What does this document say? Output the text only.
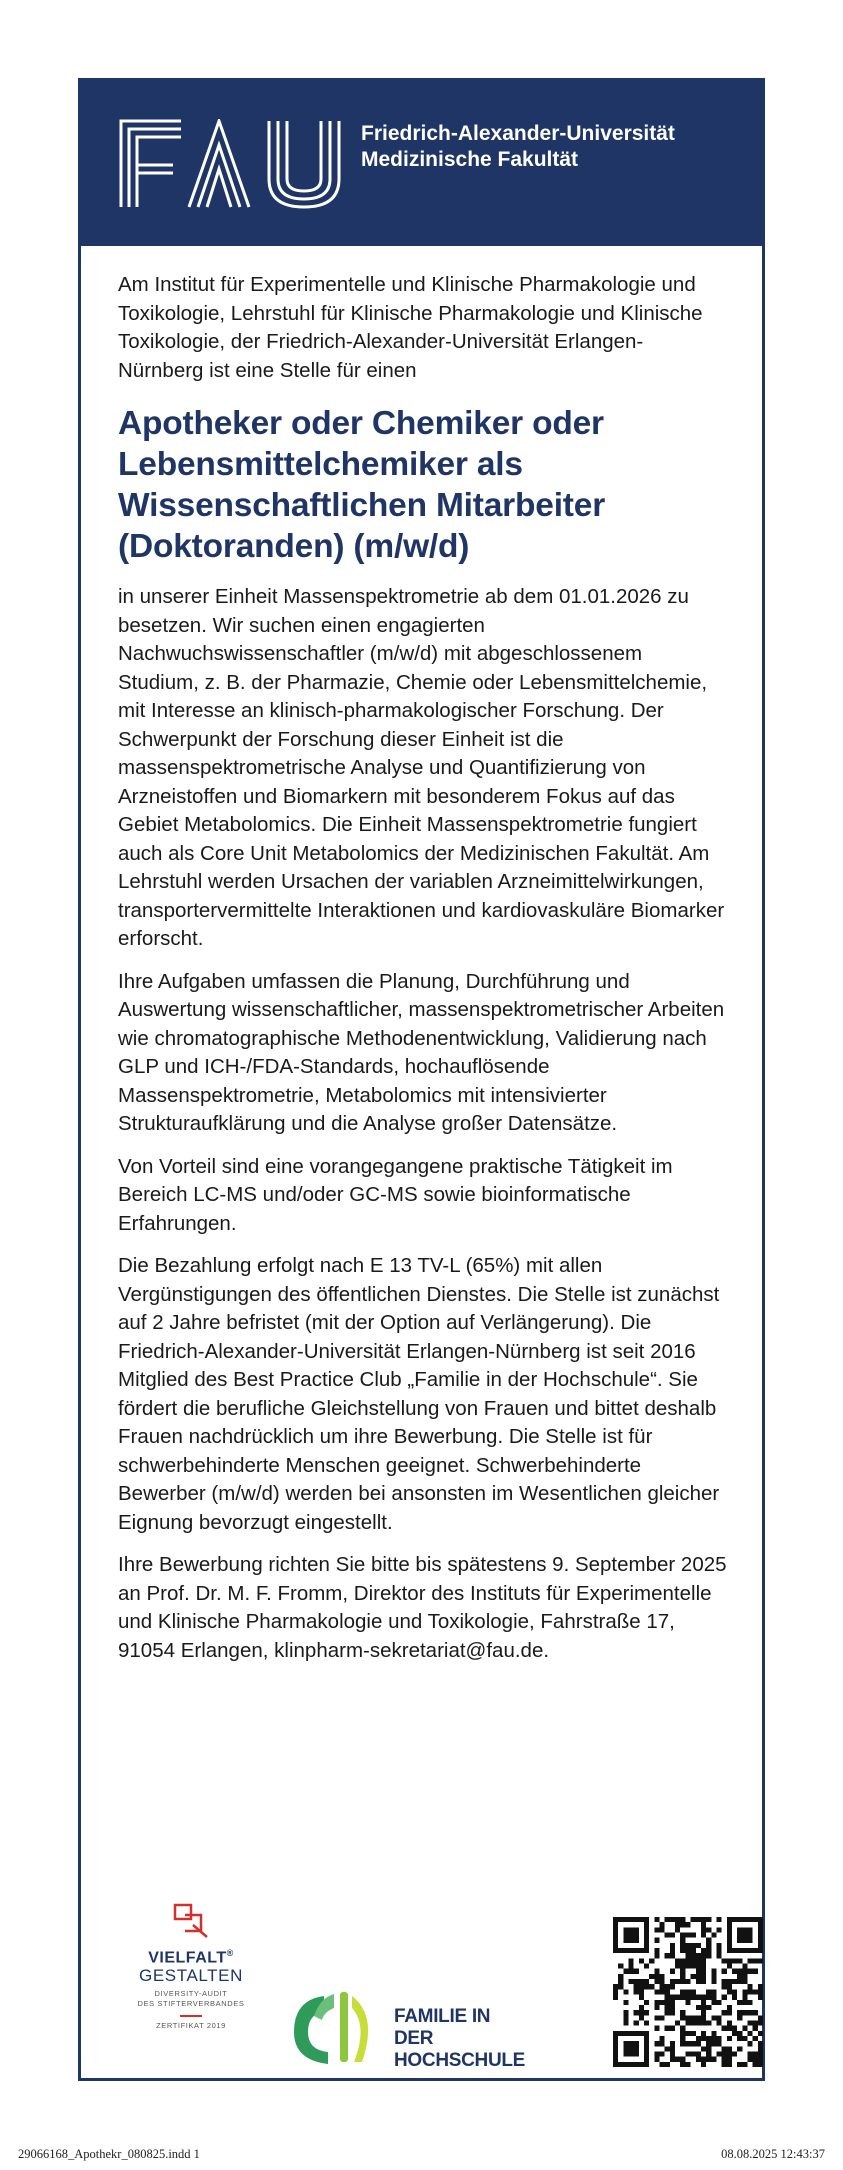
Friedrich-Alexander-Universität
Medizinische Fakultät

Am Institut für Experimentelle und Klinische Pharmakologie und Toxikologie, Lehrstuhl für Klinische Pharmakologie und Klinische Toxikologie, der Friedrich-Alexander-Universität Erlangen-Nürnberg ist eine Stelle für einen

Apotheker oder Chemiker oder Lebensmittelchemiker als Wissenschaftlichen Mitarbeiter (Doktoranden) (m/w/d)

in unserer Einheit Massenspektrometrie ab dem 01.01.2026 zu besetzen. Wir suchen einen engagierten Nachwuchswissenschaftler (m/w/d) mit abgeschlossenem Studium, z. B. der Pharmazie, Chemie oder Lebensmittelchemie, mit Interesse an klinisch-pharmakologischer Forschung. Der Schwerpunkt der Forschung dieser Einheit ist die massenspektrometrische Analyse und Quantifizierung von Arzneistoffen und Biomarkern mit besonderem Fokus auf das Gebiet Metabolomics. Die Einheit Massenspektrometrie fungiert auch als Core Unit Metabolomics der Medizinischen Fakultät. Am Lehrstuhl werden Ursachen der variablen Arzneimittelwirkungen, transportervermittelte Interaktionen und kardiovaskuläre Biomarker erforscht.

Ihre Aufgaben umfassen die Planung, Durchführung und Auswertung wissenschaftlicher, massenspektrometrischer Arbeiten wie chromatographische Methodenentwicklung, Validierung nach GLP und ICH-/FDA-Standards, hochauflösende Massenspektrometrie, Metabolomics mit intensivierter Strukturaufklärung und die Analyse großer Datensätze.

Von Vorteil sind eine vorangegangene praktische Tätigkeit im Bereich LC-MS und/oder GC-MS sowie bioinformatische Erfahrungen.

Die Bezahlung erfolgt nach E 13 TV-L (65%) mit allen Vergünstigungen des öffentlichen Dienstes. Die Stelle ist zunächst auf 2 Jahre befristet (mit der Option auf Verlängerung). Die Friedrich-Alexander-Universität Erlangen-Nürnberg ist seit 2016 Mitglied des Best Practice Club „Familie in der Hochschule“. Sie fördert die berufliche Gleichstellung von Frauen und bittet deshalb Frauen nachdrücklich um ihre Bewerbung. Die Stelle ist für schwerbehinderte Menschen geeignet. Schwerbehinderte Bewerber (m/w/d) werden bei ansonsten im Wesentlichen gleicher Eignung bevorzugt eingestellt.

Ihre Bewerbung richten Sie bitte bis spätestens 9. September 2025 an Prof. Dr. M. F. Fromm, Direktor des Instituts für Experimentelle und Klinische Pharmakologie und Toxikologie, Fahrstraße 17, 91054 Erlangen, klinpharm-sekretariat@fau.de.

VIELFALT®
GESTALTEN
DIVERSITY-AUDIT
DES STIFTERVERBANDES
ZERTIFIKAT 2019	FAMILIE IN DER
HOCHSCHULE
29066168_Apothekr_080825.indd 1	08.08.2025 12:43:37
